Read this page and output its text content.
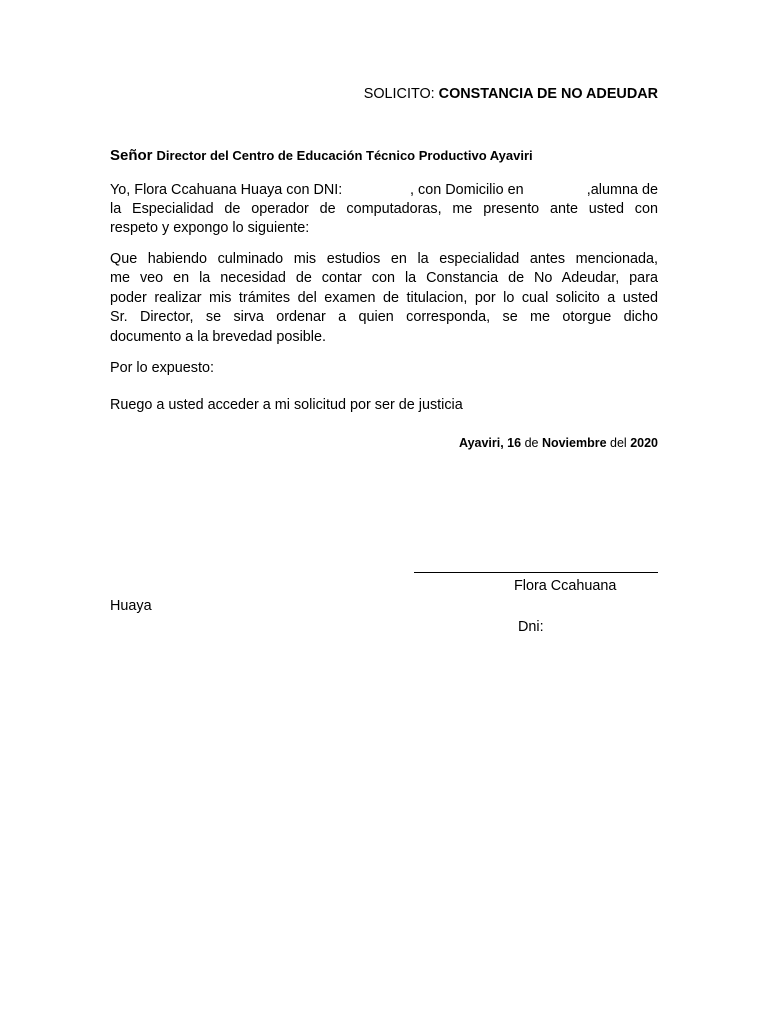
SOLICITO: CONSTANCIA DE NO ADEUDAR
Señor Director del Centro de Educación Técnico Productivo Ayaviri
Yo, Flora Ccahuana Huaya con DNI:	, con Domicilio en	,alumna de
la Especialidad de operador de computadoras, me presento ante usted con
respeto y expongo lo siguiente:
Que habiendo culminado mis estudios en la especialidad antes mencionada,
me veo en la necesidad de contar con la Constancia de No Adeudar, para
poder realizar mis trámites del examen de titulacion, por lo cual solicito a usted
Sr. Director, se sirva ordenar a quien corresponda, se me otorgue dicho
documento a la brevedad posible.
Por lo expuesto:
Ruego a usted acceder a mi solicitud por ser de justicia
Ayaviri, 16 de Noviembre del 2020
Flora Ccahuana
Huaya
Dni:
